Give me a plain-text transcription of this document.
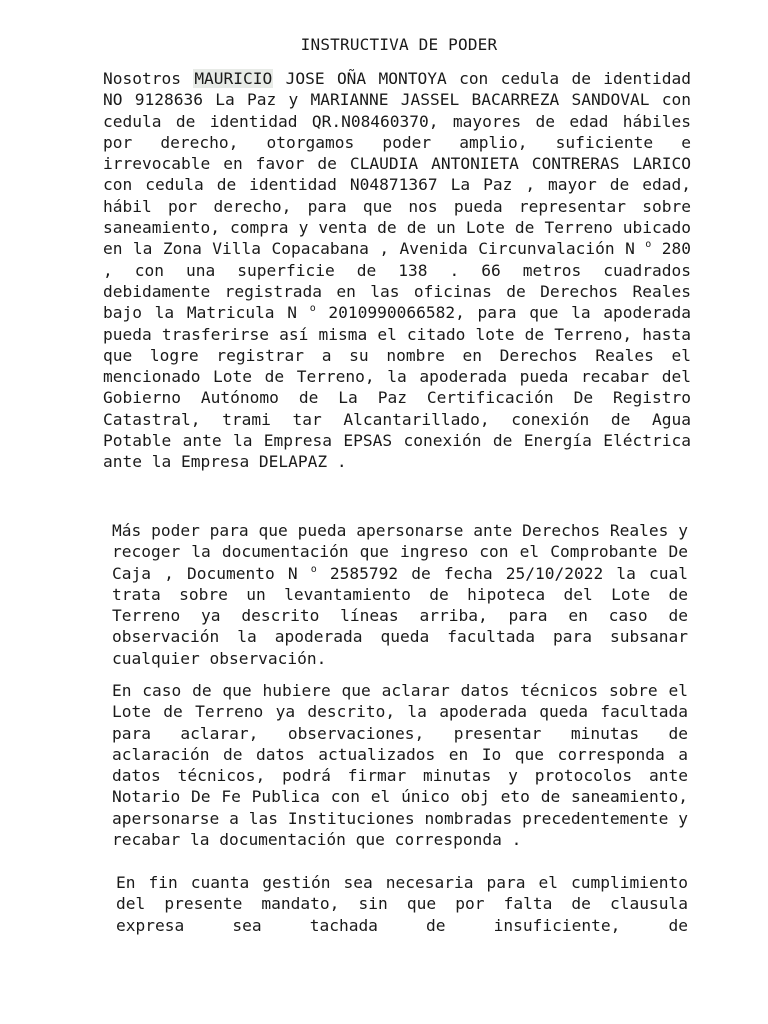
INSTRUCTIVA DE PODER

Nosotros MAURICIO JOSE OÑA MONTOYA con cedula de identidad NO 9128636 La Paz y MARIANNE JASSEL BACARREZA SANDOVAL con cedula de identidad QR.N08460370, mayores de edad hábiles por derecho, otorgamos poder amplio, suficiente e irrevocable en favor de CLAUDIA ANTONIETA CONTRERAS LARICO con cedula de identidad N04871367 La Paz , mayor de edad, hábil por derecho, para que nos pueda representar sobre saneamiento, compra y venta de de un Lote de Terreno ubicado en la Zona Villa Copacabana , Avenida Circunvalación N $^o$ 280 , con una superficie de 138 . 66 metros cuadrados debidamente registrada en las oficinas de Derechos Reales bajo la Matricula N $^o$ 2010990066582, para que la apoderada pueda trasferirse así misma el citado lote de Terreno, hasta que logre registrar a su nombre en Derechos Reales el mencionado Lote de Terreno, la apoderada pueda recabar del Gobierno Autónomo de La Paz Certificación De Registro Catastral, trami tar Alcantarillado, conexión de Agua Potable ante la Empresa EPSAS conexión de Energía Eléctrica ante la Empresa DELAPAZ .

Más poder para que pueda apersonarse ante Derechos Reales y recoger la documentación que ingreso con el Comprobante De Caja , Documento N $^o$ 2585792 de fecha 25/10/2022 la cual trata sobre un levantamiento de hipoteca del Lote de Terreno ya descrito líneas arriba, para en caso de observación la apoderada queda facultada para subsanar cualquier observación.

En caso de que hubiere que aclarar datos técnicos sobre el Lote de Terreno ya descrito, la apoderada queda facultada para aclarar, observaciones, presentar minutas de aclaración de datos actualizados en Io que corresponda a datos técnicos, podrá firmar minutas y protocolos ante Notario De Fe Publica con el único obj eto de saneamiento, apersonarse a las Instituciones nombradas precedentemente y recabar la documentación que corresponda .

En fin cuanta gestión sea necesaria para el cumplimiento del presente mandato, sin que por falta de clausula expresa sea tachada de insuficiente, de
